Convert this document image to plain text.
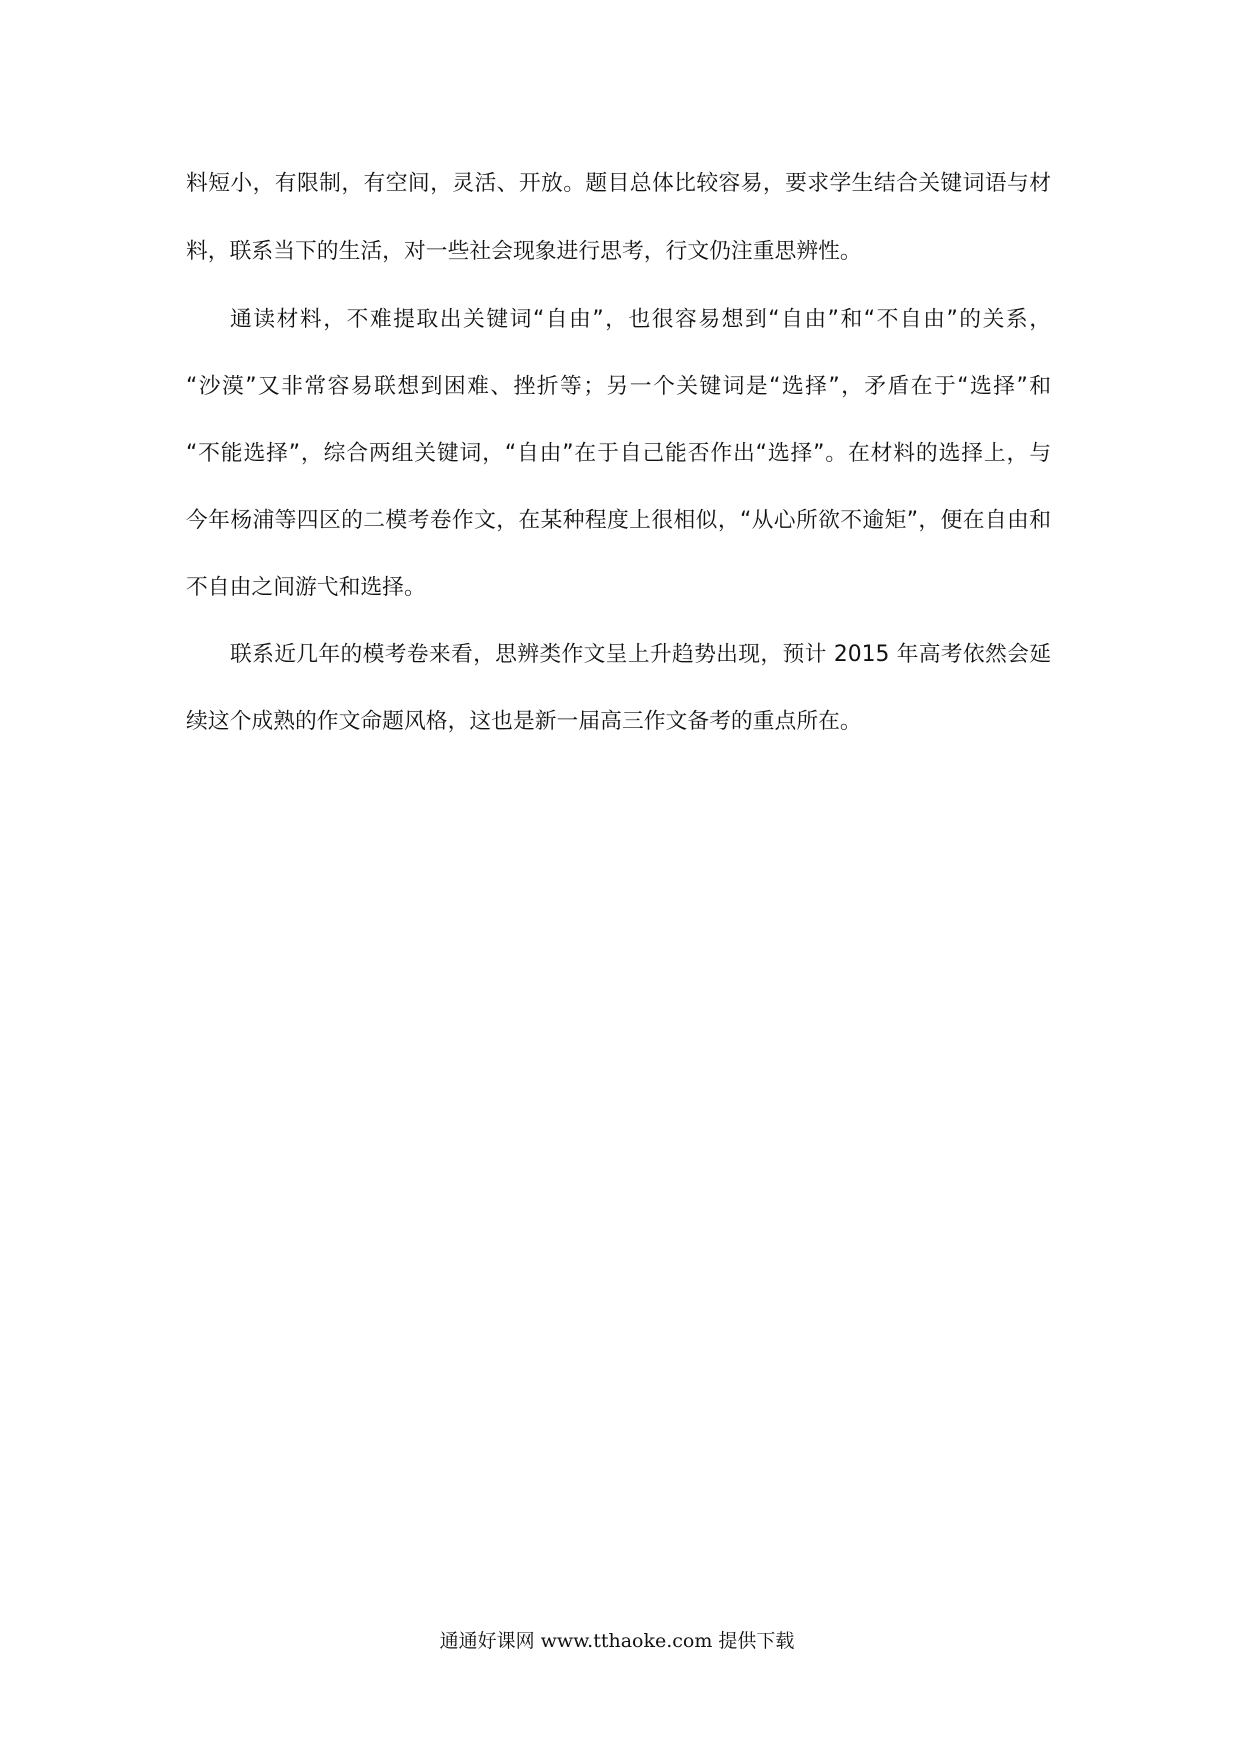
料短小，有限制，有空间，灵活、开放。题目总体比较容易，要求学生结合关键词语与材
料，联系当下的生活，对一些社会现象进行思考，行文仍注重思辨性。
通读材料，不难提取出关键词“自由”，也很容易想到“自由”和“不自由”的关系，
“沙漠”又非常容易联想到困难、挫折等；另一个关键词是“选择”，矛盾在于“选择”和
“不能选择”，综合两组关键词，“自由”在于自己能否作出“选择”。在材料的选择上，与
今年杨浦等四区的二模考卷作文，在某种程度上很相似，“从心所欲不逾矩”，便在自由和
不自由之间游弋和选择。
联系近几年的模考卷来看，思辨类作文呈上升趋势出现，预计 2015 年高考依然会延
续这个成熟的作文命题风格，这也是新一届高三作文备考的重点所在。
通通好课网 www.tthaoke.com 提供下载
